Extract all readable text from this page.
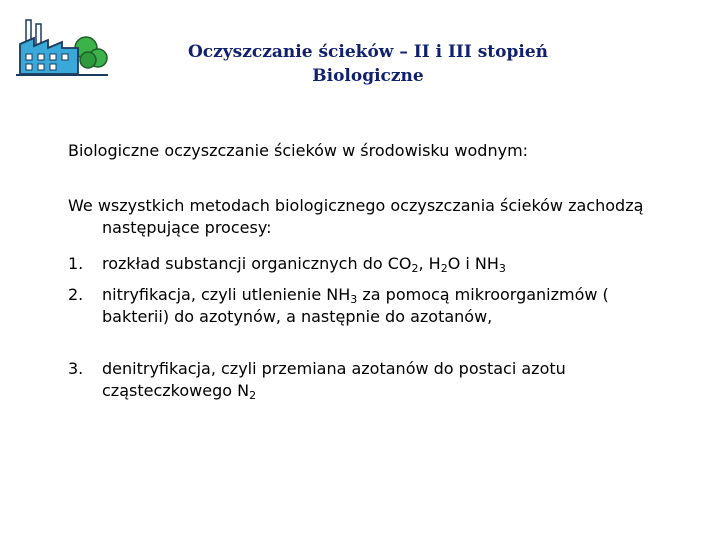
Oczyszczanie ścieków – II i III stopień
Biologiczne

Biologiczne oczyszczanie ścieków w środowisku wodnym:

We wszystkich metodach biologicznego oczyszczania ścieków zachodzą następujące procesy:

1.	rozkład substancji organicznych do $CO_2$, $H_2O$ i $NH_3$
2.	nitryfikacja, czyli utlenienie $NH_3$ za pomocą mikroorganizmów ( bakterii) do azotynów, a następnie do azotanów,
3.	denitryfikacja, czyli przemiana azotanów do postaci azotu cząsteczkowego $N_2$
